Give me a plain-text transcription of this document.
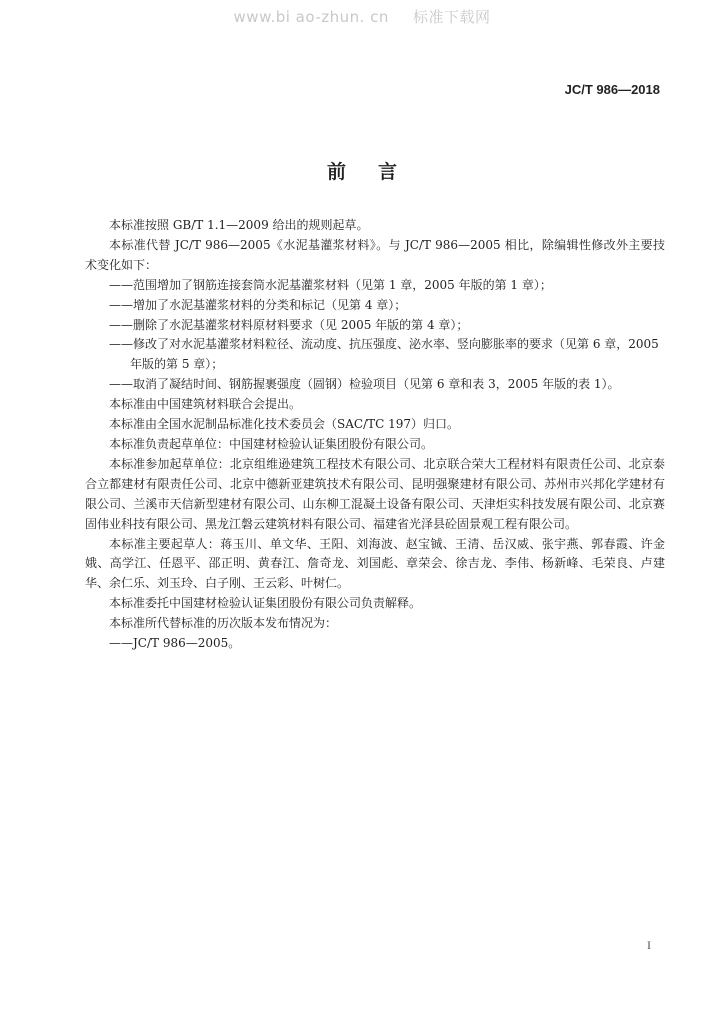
www.bi ao-zhun. cn 标准下载网
JC/T 986—2018
前言

本标准按照 GB/T 1.1—2009 给出的规则起草。

本标准代替 JC/T 986—2005《水泥基灌浆材料》。与 JC/T 986—2005 相比，除编辑性修改外主要技术变化如下：

——范围增加了钢筋连接套筒水泥基灌浆材料（见第 1 章，2005 年版的第 1 章）；

——增加了水泥基灌浆材料的分类和标记（见第 4 章）；

——删除了水泥基灌浆材料原材料要求（见 2005 年版的第 4 章）；

——修改了对水泥基灌浆材料粒径、流动度、抗压强度、泌水率、竖向膨胀率的要求（见第 6 章，2005 年版的第 5 章）；

——取消了凝结时间、钢筋握裹强度（圆钢）检验项目（见第 6 章和表 3，2005 年版的表 1）。

本标准由中国建筑材料联合会提出。

本标准由全国水泥制品标准化技术委员会（SAC/TC 197）归口。

本标准负责起草单位：中国建材检验认证集团股份有限公司。

本标准参加起草单位：北京组维逊建筑工程技术有限公司、北京联合荣大工程材料有限责任公司、北京泰合立都建材有限责任公司、北京中德新亚建筑技术有限公司、昆明强聚建材有限公司、苏州市兴邦化学建材有限公司、兰溪市天信新型建材有限公司、山东柳工混凝土设备有限公司、天津炬实科技发展有限公司、北京赛固伟业科技有限公司、黑龙江磐云建筑材料有限公司、福建省光泽县砼固景观工程有限公司。

本标准主要起草人：蒋玉川、单文华、王阳、刘海波、赵宝铖、王清、岳汉威、张宇燕、郭春霞、许金娥、高学江、任恩平、邵正明、黄春江、詹奇龙、刘国彪、章荣会、徐吉龙、李伟、杨新峰、毛荣良、卢建华、余仁乐、刘玉玲、白子刚、王云彩、叶树仁。

本标准委托中国建材检验认证集团股份有限公司负责解释。

本标准所代替标准的历次版本发布情况为：

——JC/T 986—2005。

I
